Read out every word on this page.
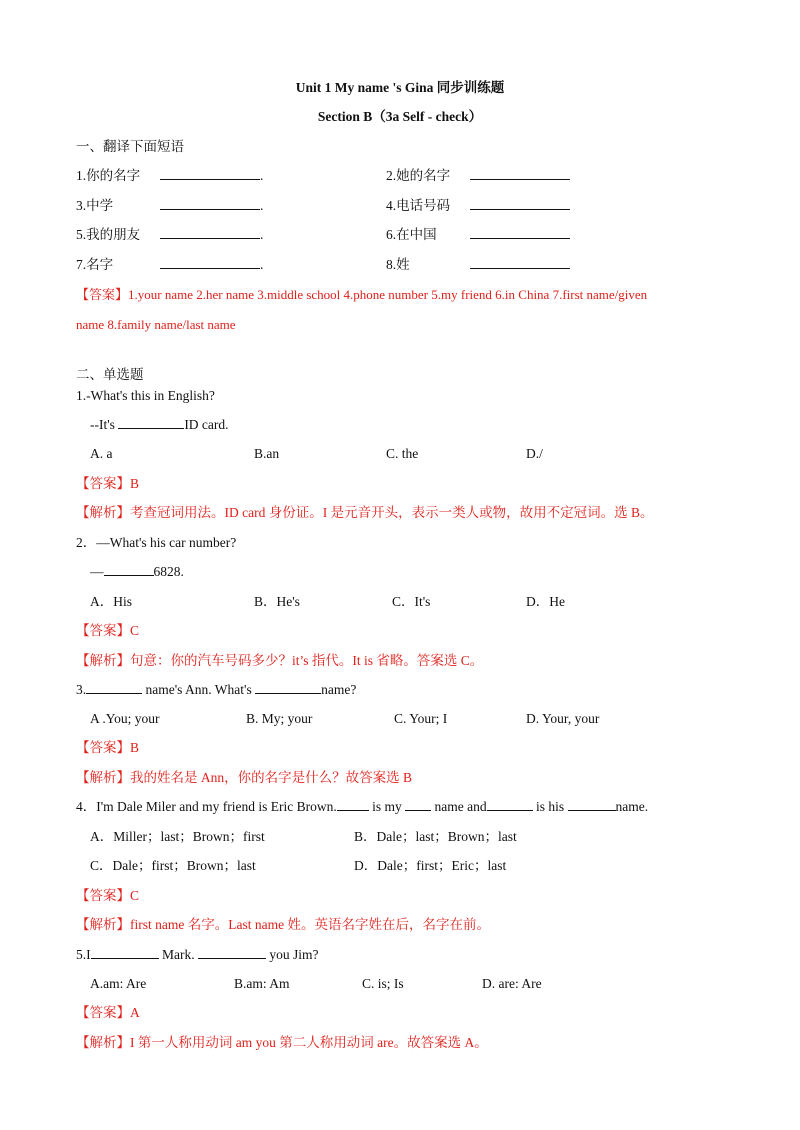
Unit 1 My name 's Gina 同步训练题
Section B（3a Self - check）
一、翻译下面短语
1.你的名字	.	2.她的名字
3.中学	.	4.电话号码
5.我的朋友	.	6.在中国
7.名字	.	8.姓
【答案】1.your name 2.her name 3.middle school 4.phone number 5.my friend 6.in China 7.first name/given
name 8.family name/last name
二、单选题
1.-What's this in English?
--It's	ID card.
A. a	B.an	C. the	D./
【答案】B
【解析】考查冠词用法。ID card 身份证。I 是元音开头，表示一类人或物，故用不定冠词。选 B。
2．—What's his car number?
—	6828.
A．His	B．He's	C．It's	D．He
【答案】C
【解析】句意：你的汽车号码多少？it’s 指代。It is 省略。答案选 C。
3.	name's Ann. What's	name?
A .You; your	B. My; your	C. Your; I	D. Your, your
【答案】B
【解析】我的姓名是 Ann，你的名字是什么？故答案选 B
4．I'm Dale Miler and my friend is Eric Brown. is my  name and	is his	name.
A．Miller；last；Brown；first	B．Dale；last；Brown；last
C．Dale；first；Brown；last	D．Dale；first；Eric；last
【答案】C
【解析】first name 名字。Last name 姓。英语名字姓在后，名字在前。
5.I	Mark.	you Jim?
A.am: Are	B.am: Am	C. is; Is	D. are: Are
【答案】A
【解析】I 第一人称用动词 am you 第二人称用动词 are。故答案选 A。
